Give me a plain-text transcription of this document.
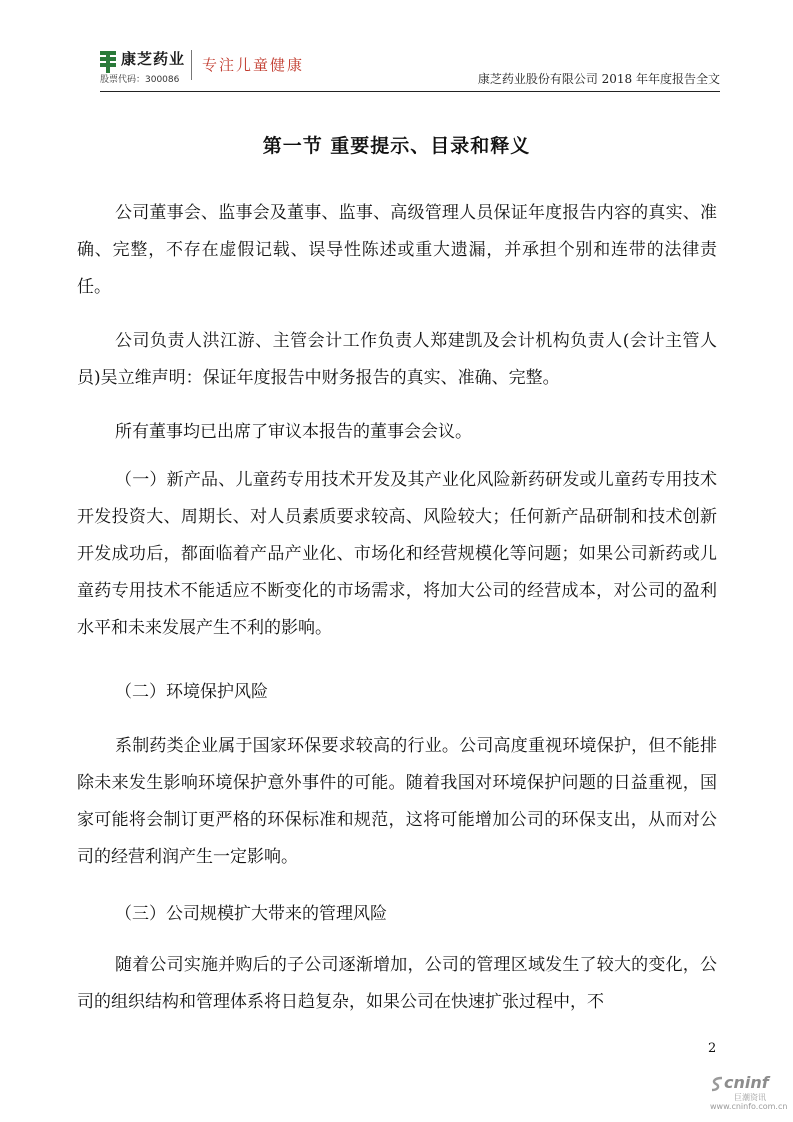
康芝药业
股票代码：300086
专注儿童健康
康芝药业股份有限公司 2018 年年度报告全文
第一节 重要提示、目录和释义

公司董事会、监事会及董事、监事、高级管理人员保证年度报告内容的真实、准确、完整，不存在虚假记载、误导性陈述或重大遗漏，并承担个别和连带的法律责任。

公司负责人洪江游、主管会计工作负责人郑建凯及会计机构负责人(会计主管人员)吴立维声明：保证年度报告中财务报告的真实、准确、完整。

所有董事均已出席了审议本报告的董事会会议。

（一）新产品、儿童药专用技术开发及其产业化风险新药研发或儿童药专用技术开发投资大、周期长、对人员素质要求较高、风险较大；任何新产品研制和技术创新开发成功后，都面临着产品产业化、市场化和经营规模化等问题；如果公司新药或儿童药专用技术不能适应不断变化的市场需求，将加大公司的经营成本，对公司的盈利水平和未来发展产生不利的影响。

（二）环境保护风险

系制药类企业属于国家环保要求较高的行业。公司高度重视环境保护，但不能排除未来发生影响环境保护意外事件的可能。随着我国对环境保护问题的日益重视，国家可能将会制订更严格的环保标准和规范，这将可能增加公司的环保支出，从而对公司的经营利润产生一定影响。

（三）公司规模扩大带来的管理风险

随着公司实施并购后的子公司逐渐增加，公司的管理区域发生了较大的变化，公司的组织结构和管理体系将日趋复杂，如果公司在快速扩张过程中，不

2
cninf
巨潮资讯
www.cninfo.com.cn
